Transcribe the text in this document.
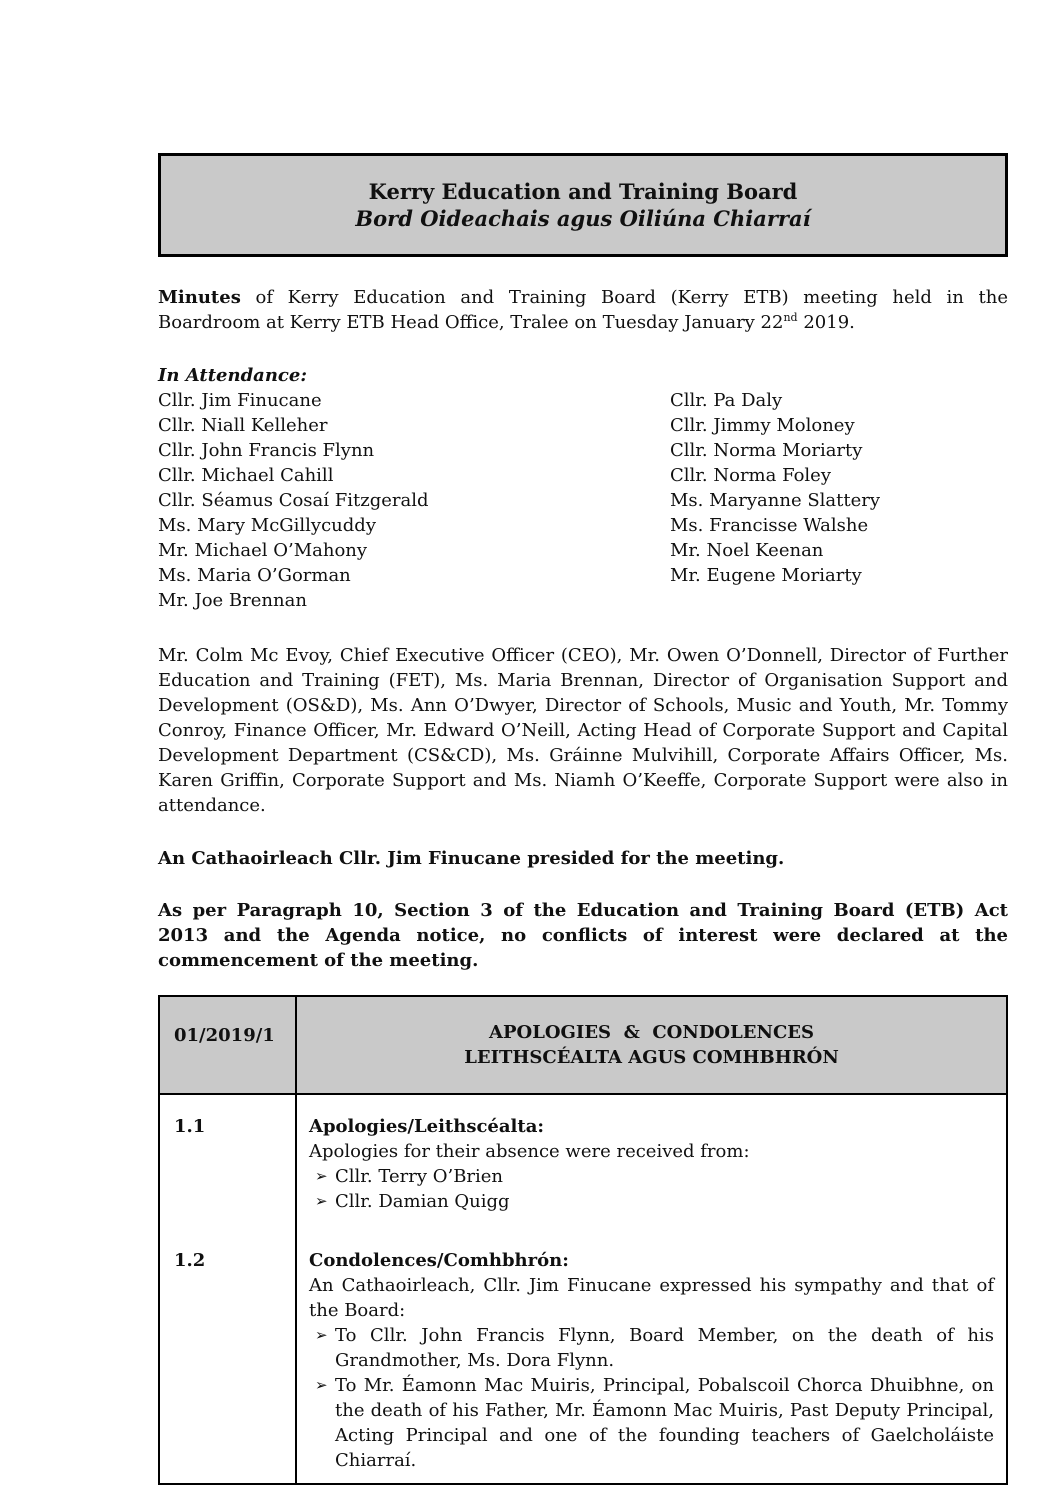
Kerry Education and Training Board
Bord Oideachais agus Oiliúna Chiarraí

Minutes of Kerry Education and Training Board (Kerry ETB) meeting held in the Boardroom at Kerry ETB Head Office, Tralee on Tuesday January 22nd 2019.

In Attendance:

Cllr. Jim Finucane
Cllr. Niall Kelleher
Cllr. John Francis Flynn
Cllr. Michael Cahill
Cllr. Séamus Cosaí Fitzgerald
Ms. Mary McGillycuddy
Mr. Michael O’Mahony
Ms. Maria O’Gorman
Mr. Joe Brennan
Cllr. Pa Daly
Cllr. Jimmy Moloney
Cllr. Norma Moriarty
Cllr. Norma Foley
Ms. Maryanne Slattery
Ms. Francisse Walshe
Mr. Noel Keenan
Mr. Eugene Moriarty

Mr. Colm Mc Evoy, Chief Executive Officer (CEO), Mr. Owen O’Donnell, Director of Further Education and Training (FET), Ms. Maria Brennan, Director of Organisation Support and Development (OS&D), Ms. Ann O’Dwyer, Director of Schools, Music and Youth, Mr. Tommy Conroy, Finance Officer, Mr. Edward O’Neill, Acting Head of Corporate Support and Capital Development Department (CS&CD), Ms. Gráinne Mulvihill, Corporate Affairs Officer, Ms. Karen Griffin, Corporate Support and Ms. Niamh O’Keeffe, Corporate Support were also in attendance.

An Cathaoirleach Cllr. Jim Finucane presided for the meeting.

As per Paragraph 10, Section 3 of the Education and Training Board (ETB) Act 2013 and the Agenda notice, no conflicts of interest were declared at the commencement of the meeting.

01/2019/1	APOLOGIES  &  CONDOLENCES
LEITHSCÉALTA AGUS COMHBHRÓN
1.1	Apologies/Leithscéalta:
Apologies for their absence were received from:
➢ Cllr. Terry O’Brien
➢ Cllr. Damian Quigg
1.2	Condolences/Comhbhrón:
An Cathaoirleach, Cllr. Jim Finucane expressed his sympathy and that of the Board:
➢ To Cllr. John Francis Flynn, Board Member, on the death of his Grandmother, Ms. Dora Flynn.
➢ To Mr. Éamonn Mac Muiris, Principal, Pobalscoil Chorca Dhuibhne, on the death of his Father, Mr. Éamonn Mac Muiris, Past Deputy Principal, Acting Principal and one of the founding teachers of Gaelcholáiste Chiarraí.
